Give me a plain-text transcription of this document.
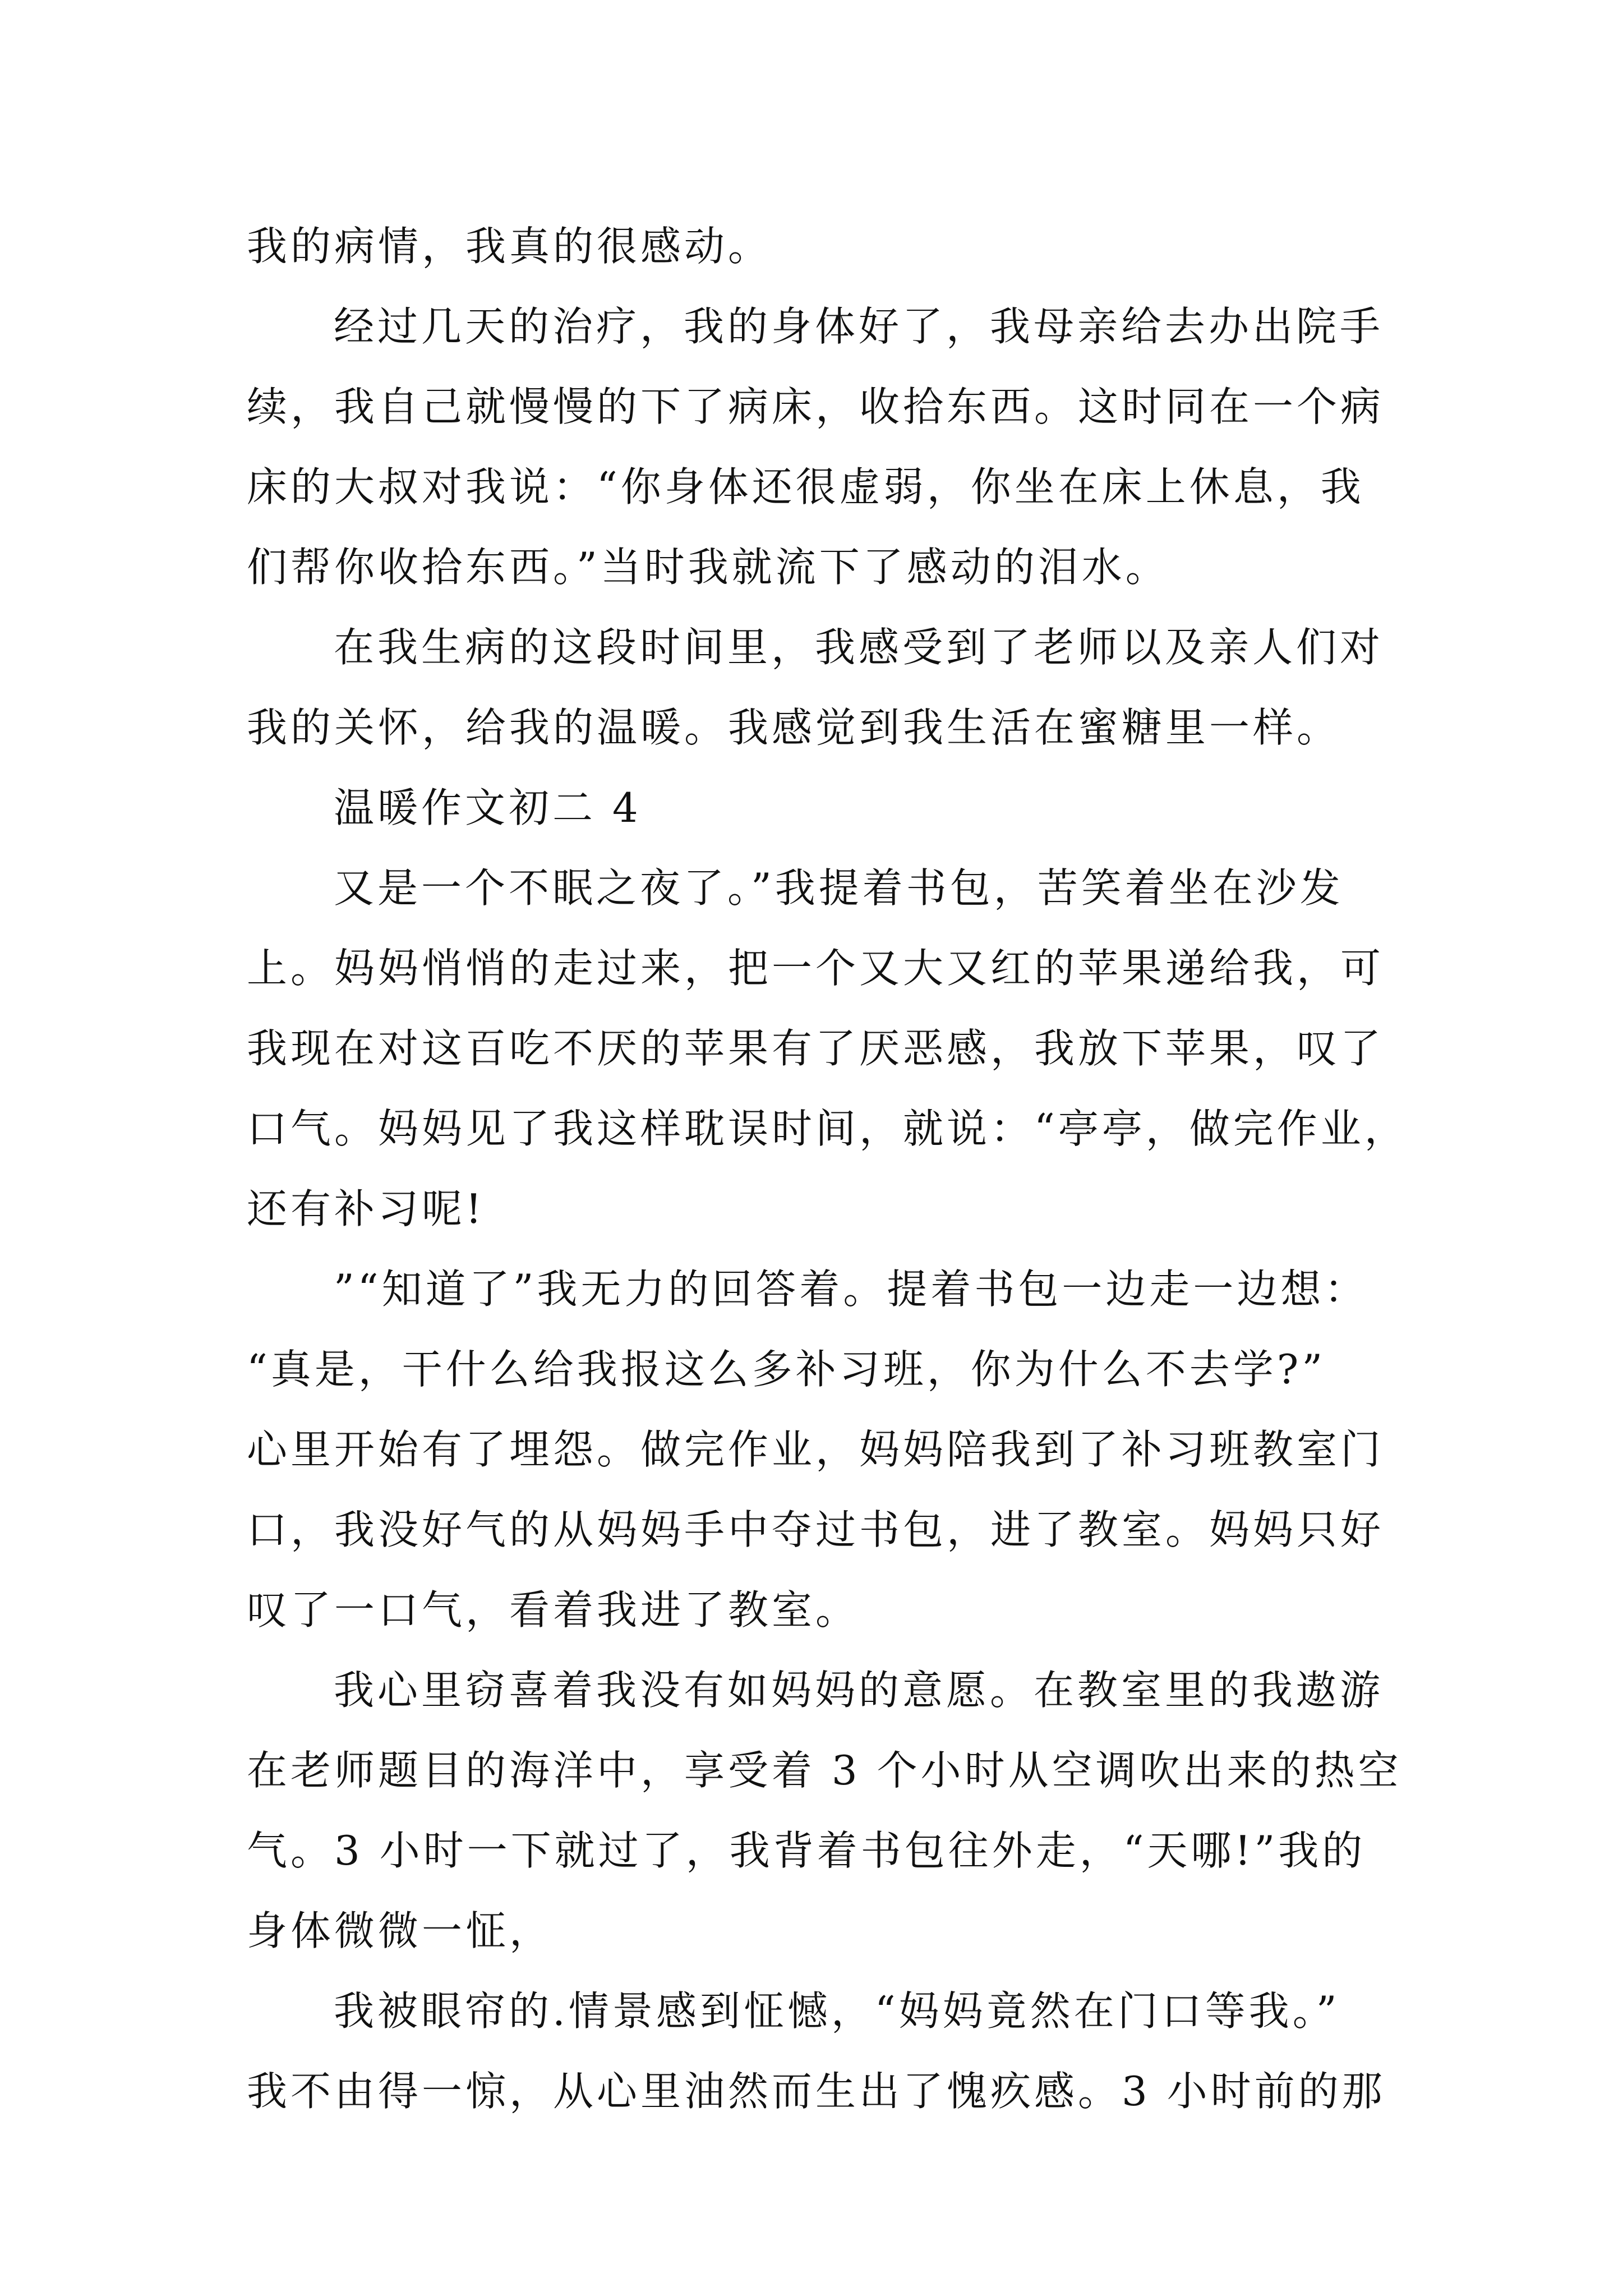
我的病情，我真的很感动。
经过几天的治疗，我的身体好了，我母亲给去办出院手
续，我自己就慢慢的下了病床，收拾东西。这时同在一个病
床的大叔对我说：“你身体还很虚弱，你坐在床上休息，我
们帮你收拾东西。”当时我就流下了感动的泪水。
在我生病的这段时间里，我感受到了老师以及亲人们对
我的关怀，给我的温暖。我感觉到我生活在蜜糖里一样。
温暖作文初二 4
又是一个不眠之夜了。”我提着书包，苦笑着坐在沙发
上。妈妈悄悄的走过来，把一个又大又红的苹果递给我，可
我现在对这百吃不厌的苹果有了厌恶感，我放下苹果，叹了
口气。妈妈见了我这样耽误时间，就说：“亭亭，做完作业，
还有补习呢!
”“知道了”我无力的回答着。提着书包一边走一边想：
“真是，干什么给我报这么多补习班，你为什么不去学?”
心里开始有了埋怨。做完作业，妈妈陪我到了补习班教室门
口，我没好气的从妈妈手中夺过书包，进了教室。妈妈只好
叹了一口气，看着我进了教室。
我心里窃喜着我没有如妈妈的意愿。在教室里的我遨游
在老师题目的海洋中，享受着 3 个小时从空调吹出来的热空
气。3 小时一下就过了，我背着书包往外走，“天哪!”我的
身体微微一怔，
我被眼帘的.情景感到怔憾，“妈妈竟然在门口等我。”
我不由得一惊，从心里油然而生出了愧疚感。3 小时前的那
